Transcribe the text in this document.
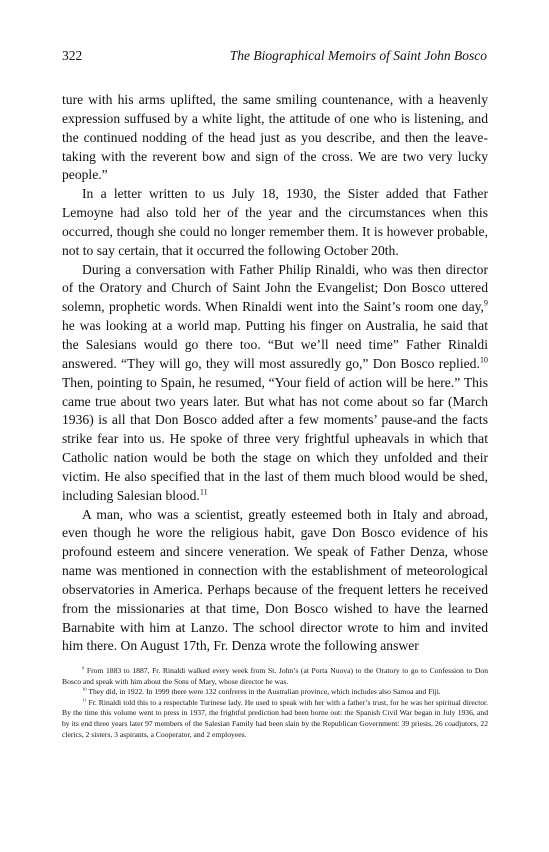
322	The Biographical Memoirs of Saint John Bosco

ture with his arms uplifted, the same smiling countenance, with a heavenly expression suffused by a white light, the attitude of one who is listening, and the continued nodding of the head just as you describe, and then the leave-taking with the reverent bow and sign of the cross. We are two very lucky people.”

In a letter written to us July 18, 1930, the Sister added that Father Lemoyne had also told her of the year and the circumstances when this occurred, though she could no longer remember them. It is however probable, not to say certain, that it occurred the following October 20th.

During a conversation with Father Philip Rinaldi, who was then director of the Oratory and Church of Saint John the Evangelist; Don Bosco uttered solemn, prophetic words. When Rinaldi went into the Saint’s room one day,$^9$ he was looking at a world map. Putting his finger on Australia, he said that the Salesians would go there too. “But we’ll need time” Father Rinaldi answered. “They will go, they will most assuredly go,” Don Bosco replied.$^{10}$ Then, pointing to Spain, he resumed, “Your field of action will be here.” This came true about two years later. But what has not come about so far (March 1936) is all that Don Bosco added after a few moments’ pause-and the facts strike fear into us. He spoke of three very frightful upheavals in which that Catholic nation would be both the stage on which they unfolded and their victim. He also specified that in the last of them much blood would be shed, including Salesian blood.$^{11}$

A man, who was a scientist, greatly esteemed both in Italy and abroad, even though he wore the religious habit, gave Don Bosco evidence of his profound esteem and sincere veneration. We speak of Father Denza, whose name was mentioned in connection with the establishment of meteorological observatories in America. Perhaps because of the frequent letters he received from the missionaries at that time, Don Bosco wished to have the learned Barnabite with him at Lanzo. The school director wrote to him and invited him there. On August 17th, Fr. Denza wrote the following answer

$^9$ From 1883 to 1887, Fr. Rinaldi walked every week from St. John’s (at Porta Nuova) to the Oratory to go to Confession to Don Bosco and speak with him about the Sons of Mary, whose director he was.

$^{10}$ They did, in 1922. In 1999 there were 132 confreres in the Australian province, which includes also Samoa and Fiji.

$^{11}$ Fr. Rinaldi told this to a respectable Turinese lady. He used to speak with her with a father’s trust, for he was her spiritual director. By the time this volume went to press in 1937, the frightful prediction had been borne out: the Spanish Civil War began in July 1936, and by its end three years later 97 members of the Salesian Family had been slain by the Republican Government: 39 priests, 26 coadjutors, 22 clerics, 2 sisters, 3 aspirants, a Cooperator, and 2 employees.
